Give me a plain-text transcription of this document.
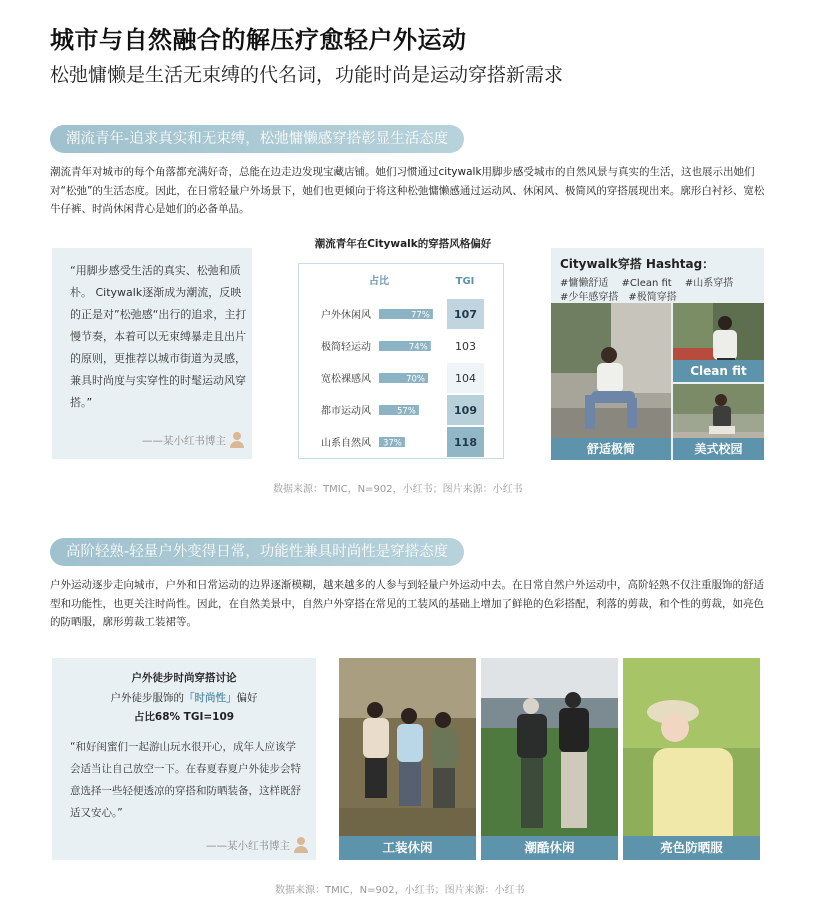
城市与自然融合的解压疗愈轻户外运动
松弛慵懒是生活无束缚的代名词，功能时尚是运动穿搭新需求
潮流青年-追求真实和无束缚，松弛慵懒感穿搭彰显生活态度
潮流青年对城市的每个角落都充满好奇，总能在边走边发现宝藏店铺。她们习惯通过citywalk用脚步感受城市的自然风景与真实的生活，这也展示出她们对“松弛”的生活态度。因此，在日常轻量户外场景下，她们也更倾向于将这种松弛慵懒感通过运动风、休闲风、极简风的穿搭展现出来。廓形白衬衫、宽松牛仔裤、时尚休闲背心是她们的必备单品。
“用脚步感受生活的真实、松弛和质朴。 Citywalk逐渐成为潮流，反映的正是对”松弛感“出行的追求，主打慢节奏，本着可以无束缚暴走且出片的原则，更推荐以城市街道为灵感，兼具时尚度与实穿性的时髦运动风穿搭。”
——某小红书博主
潮流青年在Citywalk的穿搭风格偏好
占比	TGI
户外休闲风	77% 107
极简轻运动	74% 103
宽松裸感风	70%	104
都市运动风	57%	109
山系自然风 37%	118
Citywalk穿搭 Hashtag：
#慵懒舒适　 #Clean fit　 #山系穿搭
#少年感穿搭　#极简穿搭
舒适极简
Clean fit
美式校园
数据来源：TMIC，N=902，小红书；图片来源：小红书
高阶轻熟-轻量户外变得日常，功能性兼具时尚性是穿搭态度
户外运动逐步走向城市，户外和日常运动的边界逐渐模糊，越来越多的人参与到轻量户外运动中去。在日常自然户外运动中，高阶轻熟不仅注重服饰的舒适型和功能性，也更关注时尚性。因此，在自然美景中，自然户外穿搭在常见的工装风的基础上增加了鲜艳的色彩搭配，利落的剪裁，和个性的剪裁，如亮色的防晒服，廓形剪裁工装裙等。
户外徒步时尚穿搭讨论
户外徒步服饰的「时尚性」偏好
占比68% TGI=109
——某小红书博主
“和好闺蜜们一起游山玩水很开心，成年人应该学会适当让自己放空一下。在春夏春夏户外徒步会特意选择一些轻便透凉的穿搭和防晒装备，这样既舒适又安心。”
工装休闲	潮酷休闲	亮色防晒服
数据来源：TMIC，N=902，小红书；图片来源：小红书
